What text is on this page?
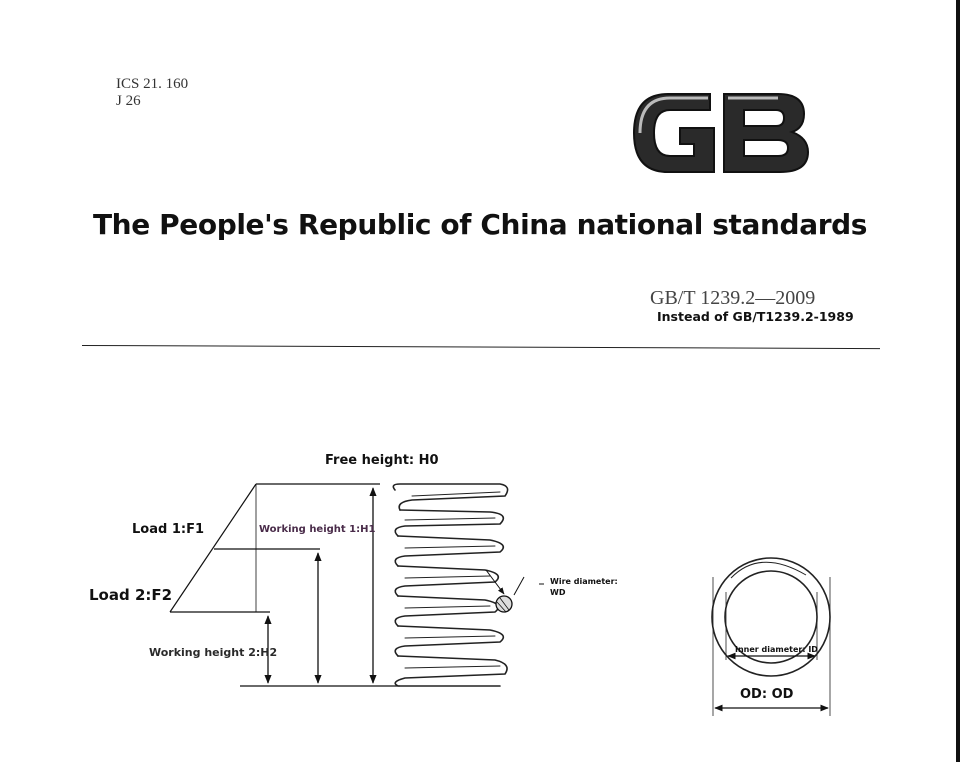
ICS 21. 160
J 26
The People's Republic of China national standards
GB/T 1239.2—2009
Instead of GB/T1239.2-1989
Free height: H0
Load 1:F1	Working height 1:H1
Load 2:F2
Working height 2:H2
Wire diameter:
WD
Inner diameter: ID
OD: OD
